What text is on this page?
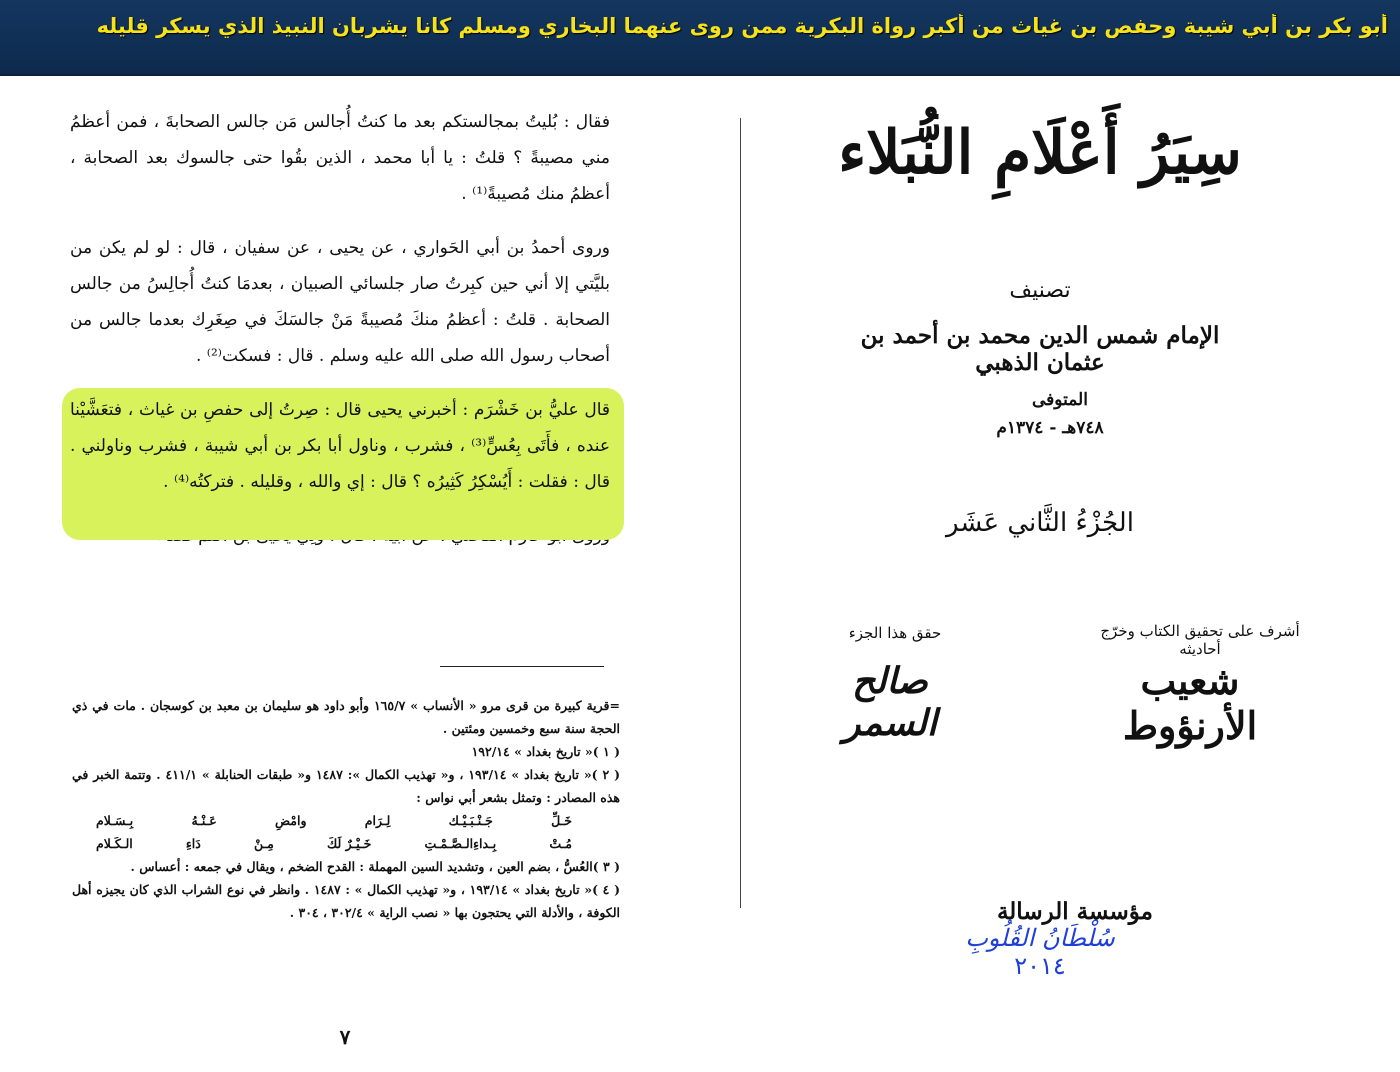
أبو بكر بن أبي شيبة وحفص بن غياث من أكبر رواة البكرية ممن روى عنهما البخاري ومسلم كانا يشربان النبيذ الذي يسكر قليله

فقال : بُليتُ بمجالستكم بعد ما كنتُ أُجالس مَن جالس الصحابةَ ، فمن أعظمُ مني مصيبةً ؟ قلتُ : يا أبا محمد ، الذين بقُوا حتى جالسوك بعد الصحابة ، أعظمُ منك مُصيبةً⁽¹⁾ .

وروى أحمدُ بن أبي الحَواري ، عن يحيى ، عن سفيان ، قال : لو لم يكن من بليَّتي إلا أني حين كبِرتُ صار جلسائي الصبيان ، بعدمَا كنتُ أُجالِسُ من جالس الصحابة . قلتُ : أعظمُ منكَ مُصيبةً مَنْ جالسَكَ في صِغَرِك بعدما جالس من أصحاب رسول الله صلى الله عليه وسلم . قال : فسكت⁽²⁾ .

قال عليُّ بن خَشْرَم : أخبرني يحيى قال : صِرتُ إلى حفصِ بن غياث ، فتعَشَّيْنا عنده ، فأَتَى بِعُسٍّ⁽³⁾ ، فشرب ، وناول أبا بكر بن أبي شيبة ، فشرب وناولني . قال : فقلت : أَيُسْكِرُ كَثِيرُه ؟ قال : إي والله ، وقليله . فتركتُه⁽⁴⁾ .

=قرية كبيرة من قرى مرو « الأنساب » ١٦٥/٧ وأبو داود هو سليمان بن معبد بن كوسجان . مات في ذي الحجة سنة سبع وخمسين ومئتين .

( ١ )« تاريخ بغداد » ١٩٢/١٤

( ٢ )« تاريخ بغداد » ١٩٣/١٤ ، و« تهذيب الكمال »: ١٤٨٧ و« طبقات الحنابلة » ٤١١/١ . وتتمة الخبر في هذه المصادر : وتمثل بشعر أبي نواس :

خَـلِّ
جَـنْـبَـيْـك
لِـرَام
وامْضِ
عَـنْـهُ
بِـسَـلام
مُـتْ
بِـداءِالـصَّـمْـتِ
خَـيْـرٌ لَكَ
مِـنْ
دَاءِ
الـكَـلام

( ٣ )العُسُّ ، بضم العين ، وتشديد السين المهملة : القدح الضخم ، ويقال في جمعه : أعساس .

( ٤ )« تاريخ بغداد » ١٩٣/١٤ ، و« تهذيب الكمال » : ١٤٨٧ . وانظر في نوع الشراب الذي كان يجيزه أهل الكوفة ، والأدلة التي يحتجون بها « نصب الراية » ٣٠٢/٤ ، ٣٠٤ .

٧
سِيَرُ أَعْلَامِ النُّبَلاء
تصنيف
الإمام شمس الدين محمد بن أحمد بن عثمان الذهبي
المتوفى
٧٤٨هـ - ١٣٧٤م
الجُزْءُ الثَّاني عَشَر
أشرف على تحقيق الكتاب وخرّج أحاديثه
شعيب الأرنؤوط
حقق هذا الجزء
صالح السمر
مؤسسة الرسالة
سُلْطَانُ القُلُوبِ
٢٠١٤
